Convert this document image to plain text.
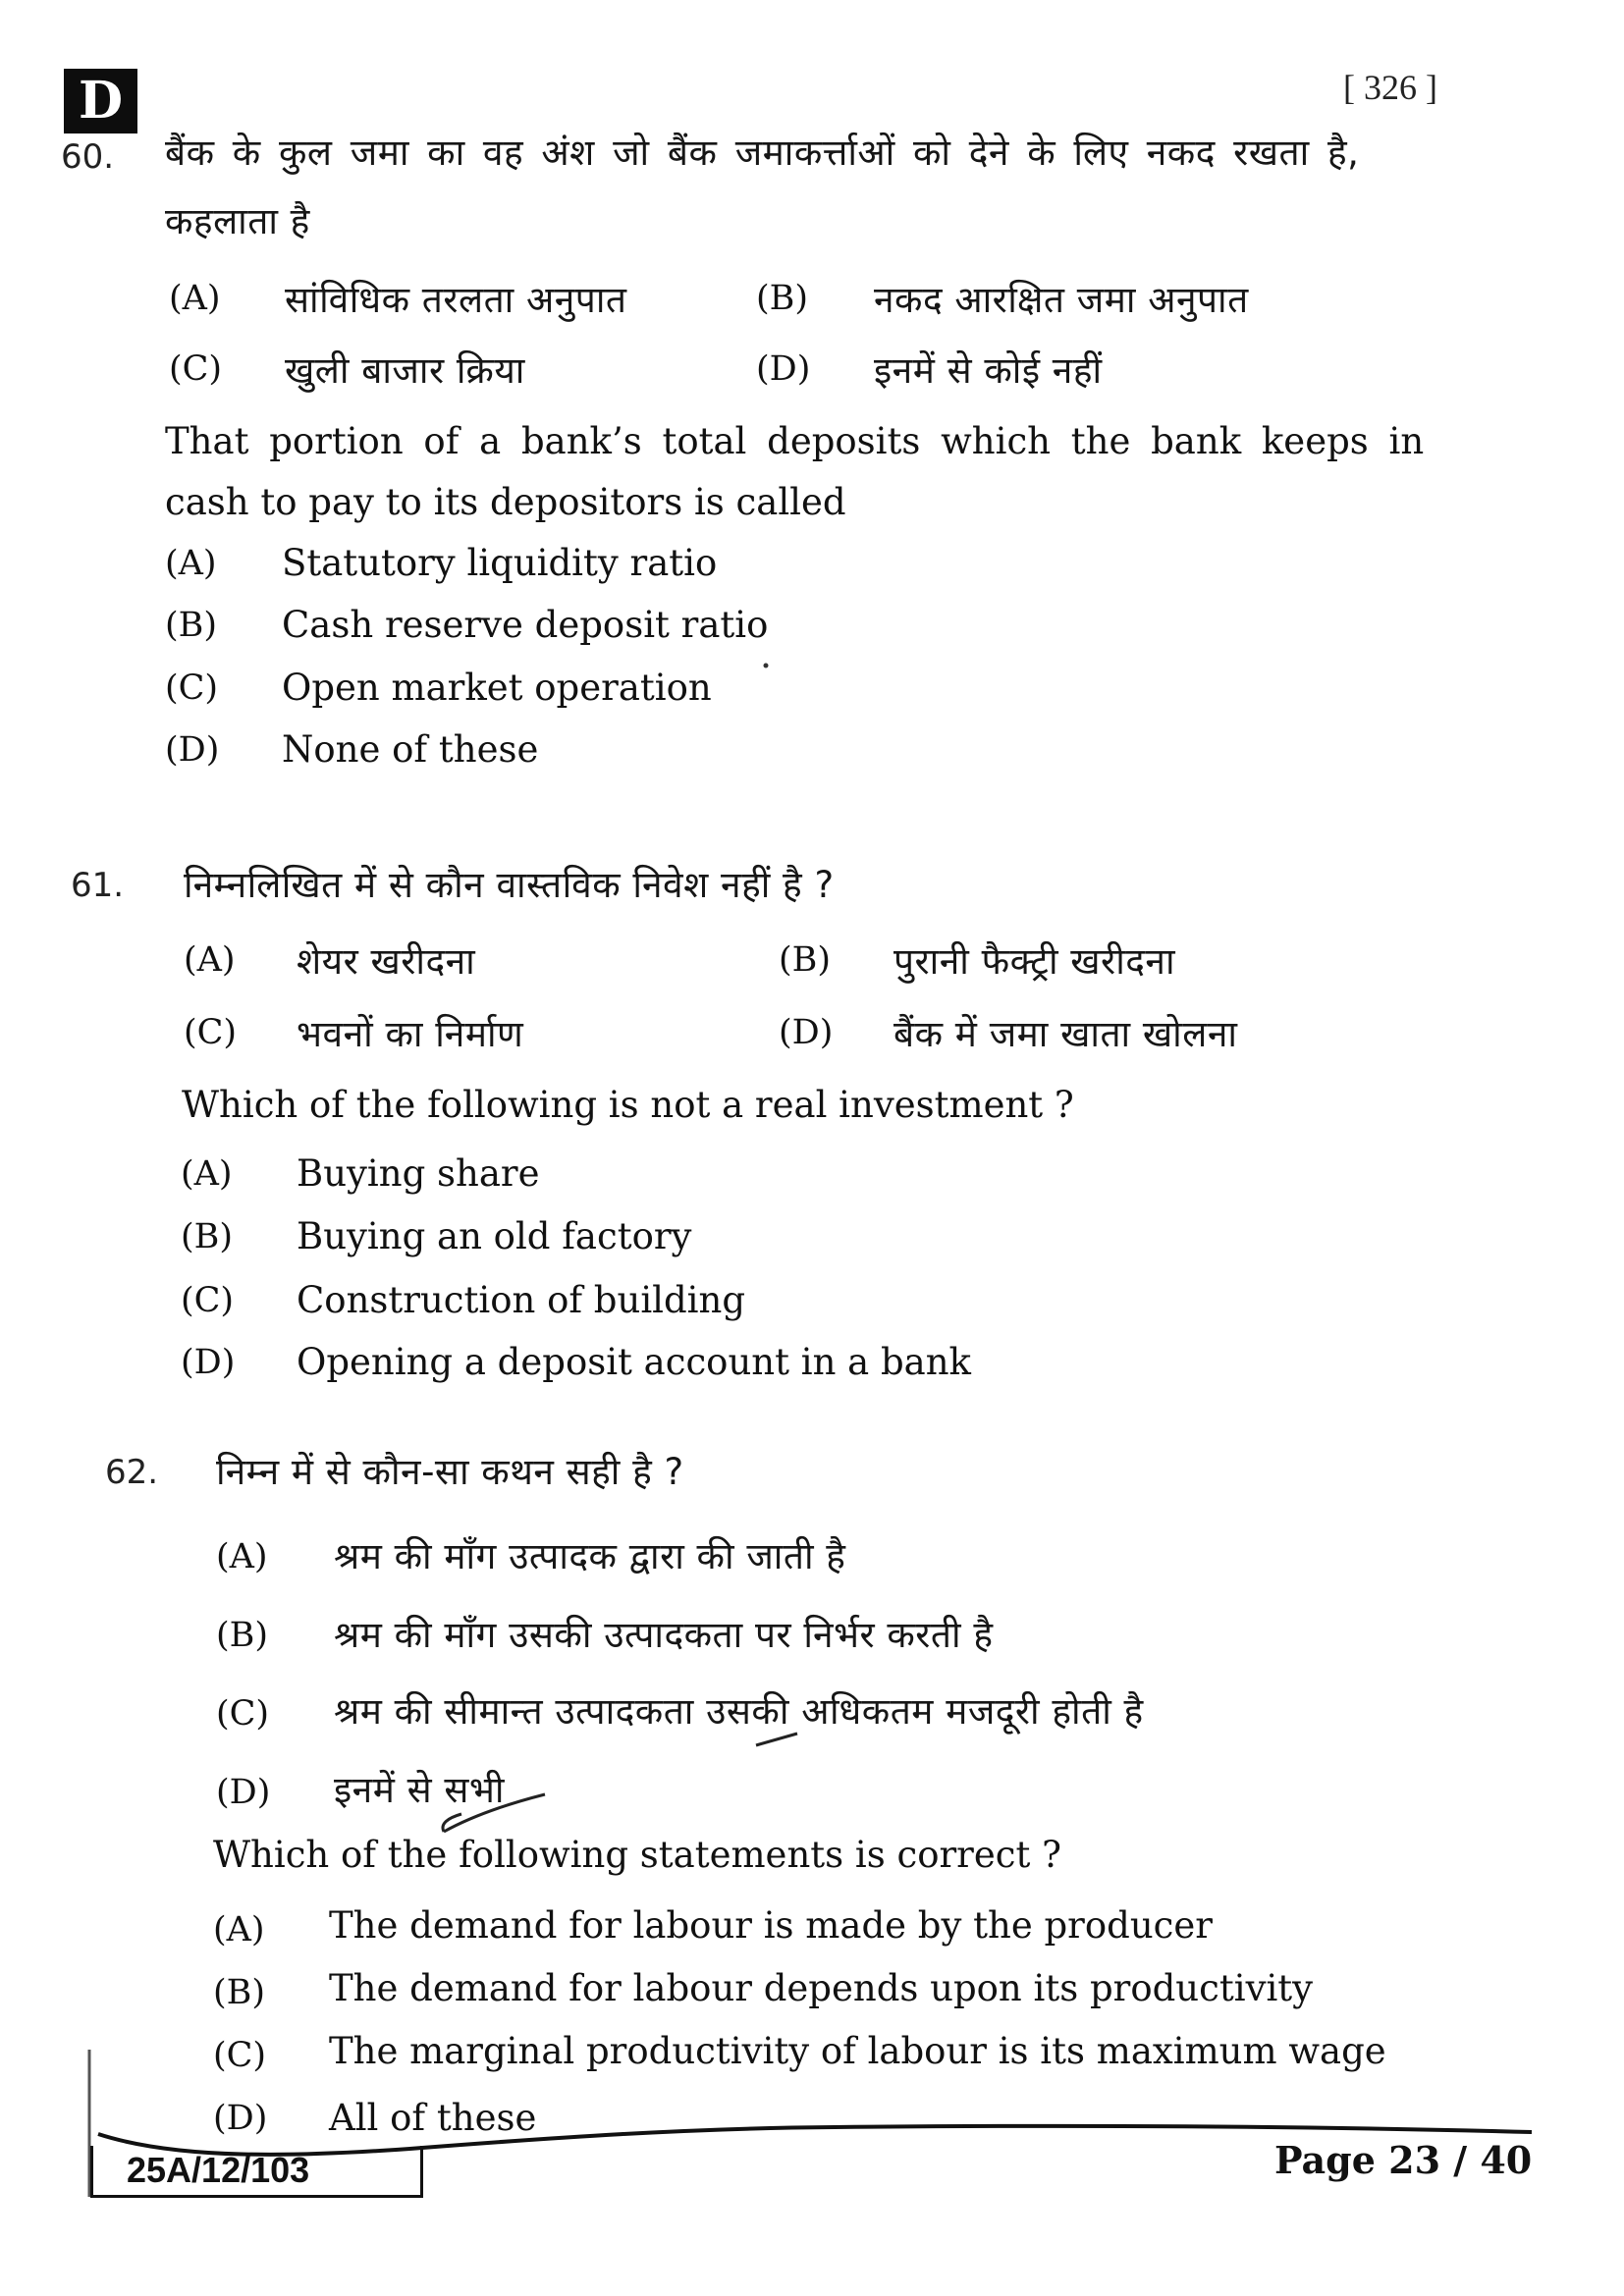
D	[ 326 ]
60. बैंक के कुल जमा का वह अंश जो बैंक जमाकर्त्ताओं को देने के लिए नकद रखता है,
कहलाता है
(A) सांविधिक तरलता अनुपात	(B) नकद आरक्षित जमा अनुपात
(C) खुली बाजार क्रिया	(D) इनमें से कोई नहीं
That portion of a bank’s total deposits which the bank keeps in
cash to pay to its depositors is called
(A) Statutory liquidity ratio
(B) Cash reserve deposit ratio
(C) Open market operation
(D) None of these
61. निम्नलिखित में से कौन वास्तविक निवेश नहीं है ?
(A) शेयर खरीदना	(B) पुरानी फैक्ट्री खरीदना
(C) भवनों का निर्माण	(D) बैंक में जमा खाता खोलना
Which of the following is not a real investment ?
(A) Buying share
(B) Buying an old factory
(C) Construction of building
(D) Opening a deposit account in a bank
62. निम्न में से कौन-सा कथन सही है ?
(A) श्रम की माँग उत्पादक द्वारा की जाती है
(B) श्रम की माँग उसकी उत्पादकता पर निर्भर करती है
(C) श्रम की सीमान्त उत्पादकता उसकी अधिकतम मजदूरी होती है
(D) इनमें से सभी
Which of the following statements is correct ?
(A) The demand for labour is made by the producer
(B) The demand for labour depends upon its productivity
(C) The marginal productivity of labour is its maximum wage
(D) All of these
25A/12/103	Page 23 / 40
